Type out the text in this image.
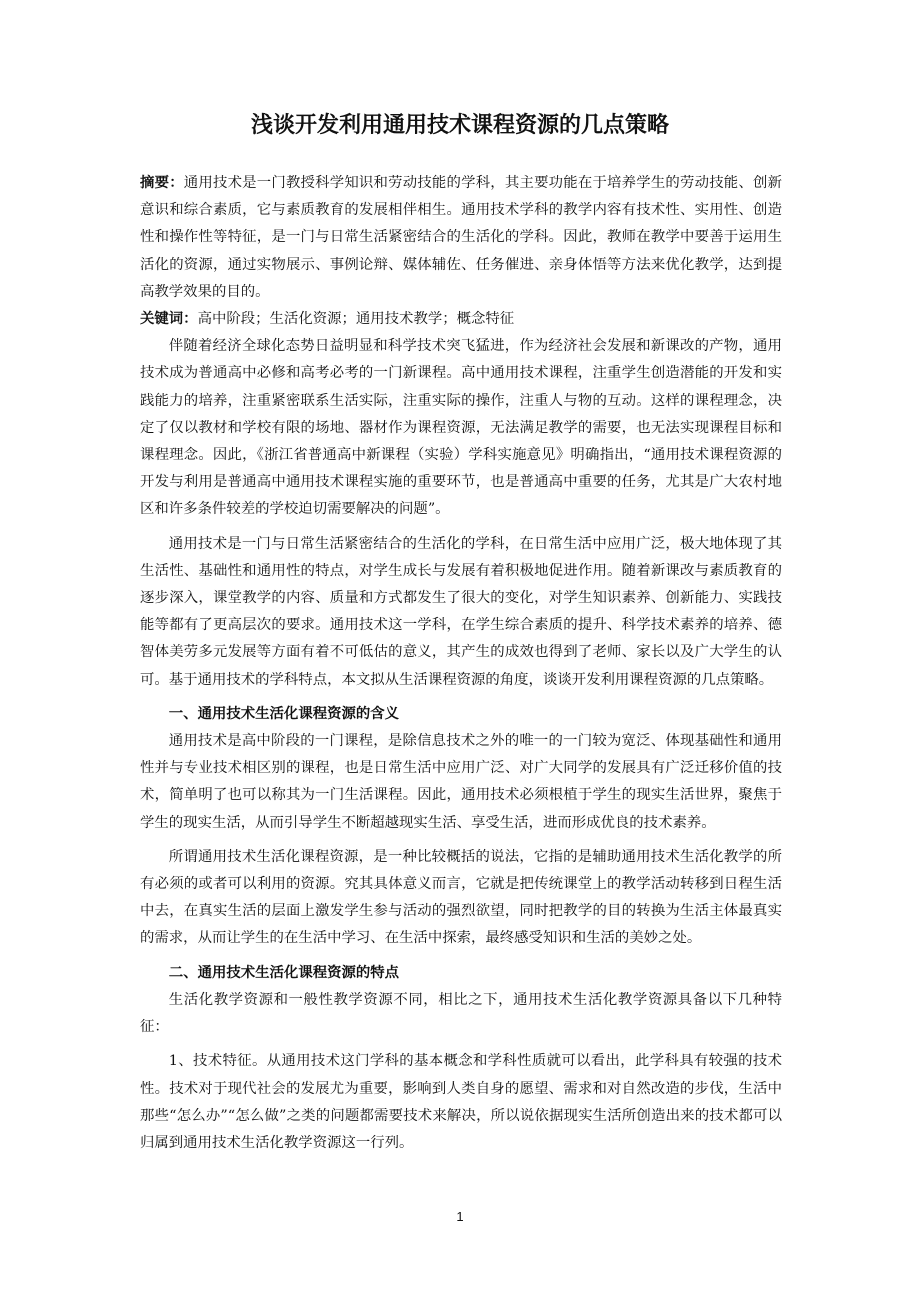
浅谈开发利用通用技术课程资源的几点策略

摘要：通用技术是一门教授科学知识和劳动技能的学科，其主要功能在于培养学生的劳动技能、创新意识和综合素质，它与素质教育的发展相伴相生。通用技术学科的教学内容有技术性、实用性、创造性和操作性等特征，是一门与日常生活紧密结合的生活化的学科。因此，教师在教学中要善于运用生活化的资源，通过实物展示、事例论辩、媒体辅佐、任务催进、亲身体悟等方法来优化教学，达到提高教学效果的目的。

关键词：高中阶段；生活化资源；通用技术教学；概念特征

伴随着经济全球化态势日益明显和科学技术突飞猛进，作为经济社会发展和新课改的产物，通用技术成为普通高中必修和高考必考的一门新课程。高中通用技术课程，注重学生创造潜能的开发和实践能力的培养，注重紧密联系生活实际，注重实际的操作，注重人与物的互动。这样的课程理念，决定了仅以教材和学校有限的场地、器材作为课程资源，无法满足教学的需要，也无法实现课程目标和课程理念。因此，《浙江省普通高中新课程（实验）学科实施意见》明确指出，“通用技术课程资源的开发与利用是普通高中通用技术课程实施的重要环节，也是普通高中重要的任务，尤其是广大农村地区和许多条件较差的学校迫切需要解决的问题”。

通用技术是一门与日常生活紧密结合的生活化的学科，在日常生活中应用广泛，极大地体现了其生活性、基础性和通用性的特点，对学生成长与发展有着积极地促进作用。随着新课改与素质教育的逐步深入，课堂教学的内容、质量和方式都发生了很大的变化，对学生知识素养、创新能力、实践技能等都有了更高层次的要求。通用技术这一学科，在学生综合素质的提升、科学技术素养的培养、德智体美劳多元发展等方面有着不可低估的意义，其产生的成效也得到了老师、家长以及广大学生的认可。基于通用技术的学科特点，本文拟从生活课程资源的角度，谈谈开发利用课程资源的几点策略。

一、通用技术生活化课程资源的含义

通用技术是高中阶段的一门课程，是除信息技术之外的唯一的一门较为宽泛、体现基础性和通用性并与专业技术相区别的课程，也是日常生活中应用广泛、对广大同学的发展具有广泛迁移价值的技术，简单明了也可以称其为一门生活课程。因此，通用技术必须根植于学生的现实生活世界，聚焦于学生的现实生活，从而引导学生不断超越现实生活、享受生活，进而形成优良的技术素养。

所谓通用技术生活化课程资源，是一种比较概括的说法，它指的是辅助通用技术生活化教学的所有必须的或者可以利用的资源。究其具体意义而言，它就是把传统课堂上的教学活动转移到日程生活中去，在真实生活的层面上激发学生参与活动的强烈欲望，同时把教学的目的转换为生活主体最真实的需求，从而让学生的在生活中学习、在生活中探索，最终感受知识和生活的美妙之处。

二、通用技术生活化课程资源的特点

生活化教学资源和一般性教学资源不同，相比之下，通用技术生活化教学资源具备以下几种特征：

1、技术特征。从通用技术这门学科的基本概念和学科性质就可以看出，此学科具有较强的技术性。技术对于现代社会的发展尤为重要，影响到人类自身的愿望、需求和对自然改造的步伐，生活中那些“怎么办”“怎么做”之类的问题都需要技术来解决，所以说依据现实生活所创造出来的技术都可以归属到通用技术生活化教学资源这一行列。

1
